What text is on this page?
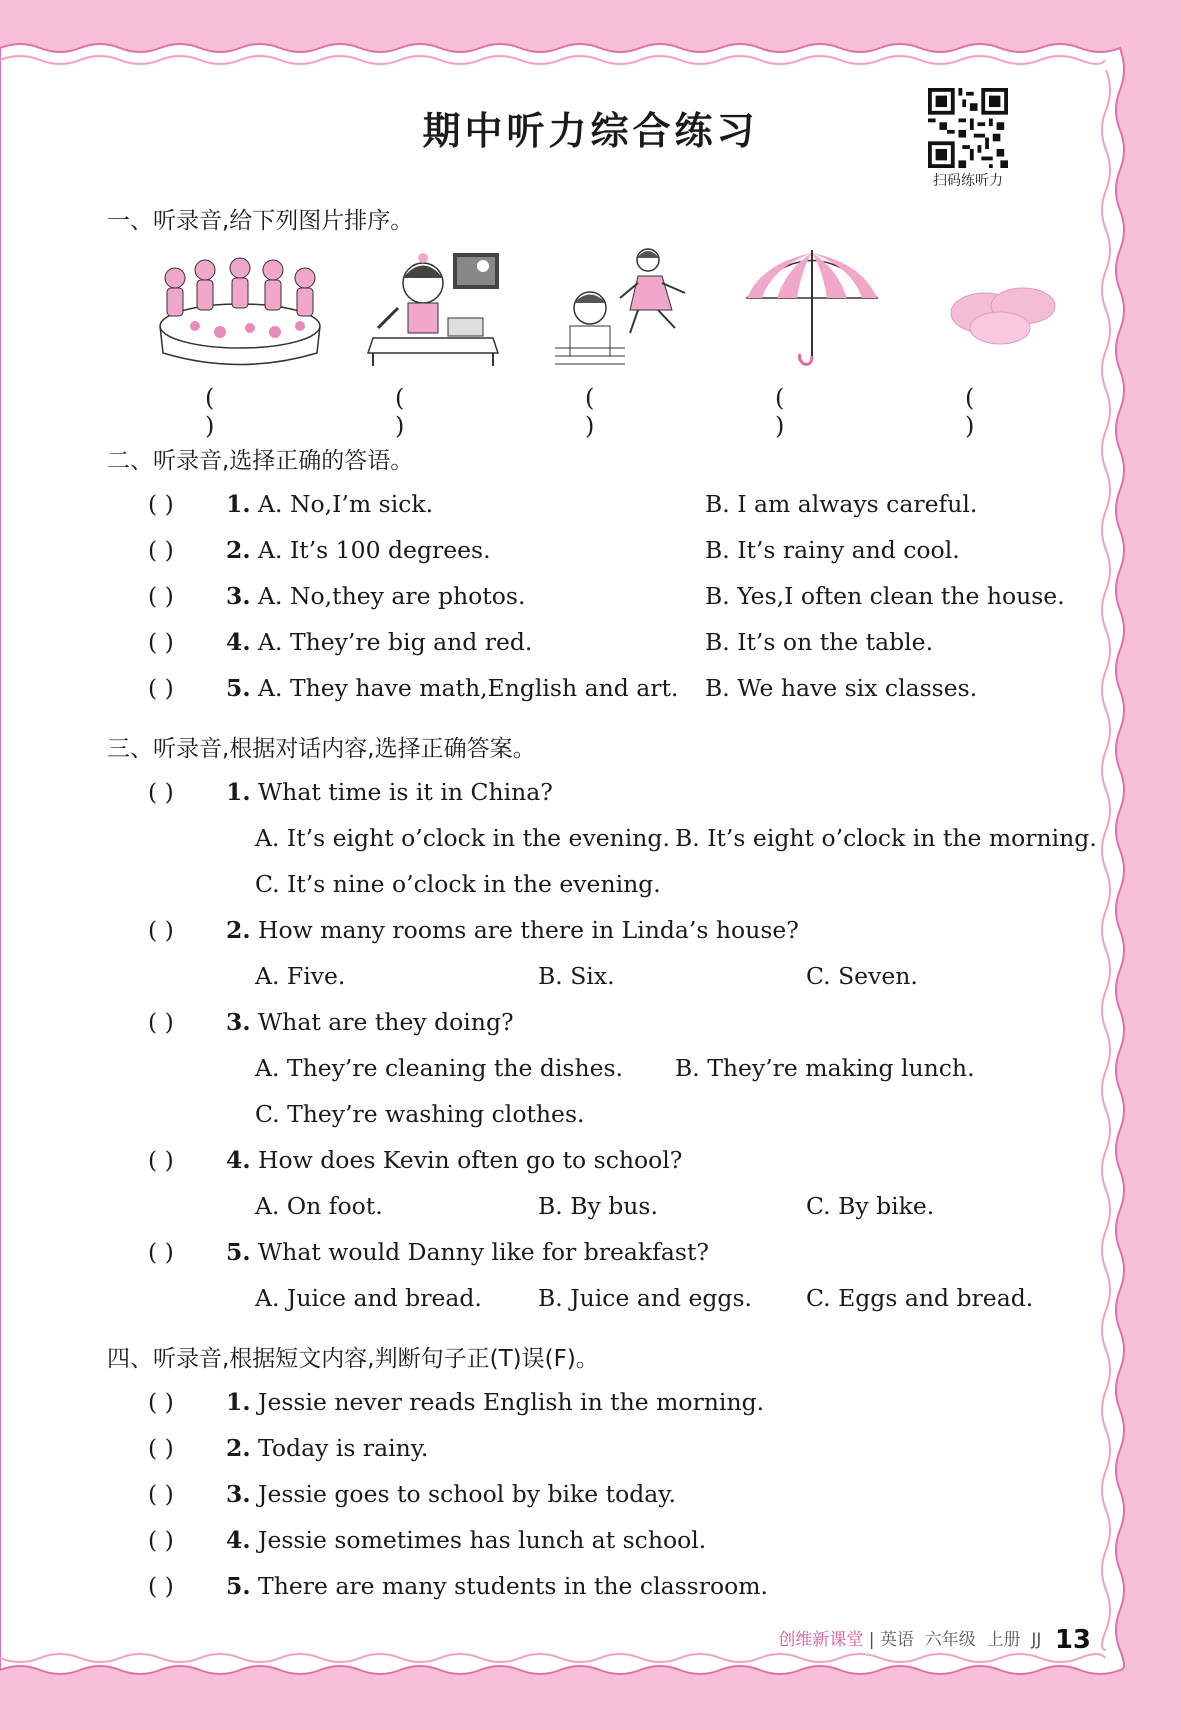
期中听力综合练习
扫码练听力
一、听录音,给下列图片排序。
( )
( )
( )
( )
( )
二、听录音,选择正确的答语。
( ) 1. A. No,I’m sick.	B. I am always careful.
( ) 2. A. It’s 100 degrees.	B. It’s rainy and cool.
( ) 3. A. No,they are photos.	B. Yes,I often clean the house.
( ) 4. A. They’re big and red.	B. It’s on the table.
( ) 5. A. They have math,English and art. B. We have six classes.
三、听录音,根据对话内容,选择正确答案。
( ) 1. What time is it in China?
A. It’s eight o’clock in the evening. B. It’s eight o’clock in the morning.
C. It’s nine o’clock in the evening.
( ) 2. How many rooms are there in Linda’s house?
A. Five.	B. Six.	C. Seven.
( ) 3. What are they doing?
A. They’re cleaning the dishes. B. They’re making lunch.
C. They’re washing clothes.
( ) 4. How does Kevin often go to school?
A. On foot.	B. By bus.	C. By bike.
( ) 5. What would Danny like for breakfast?
A. Juice and bread. B. Juice and eggs. C. Eggs and bread.
四、听录音,根据短文内容,判断句子正(T)误(F)。
( ) 1. Jessie never reads English in the morning.
( ) 2. Today is rainy.
( ) 3. Jessie goes to school by bike today.
( ) 4. Jessie sometimes has lunch at school.
( ) 5. There are many students in the classroom.
创维新课堂 | 英语 六年级 上册 JJ 13
